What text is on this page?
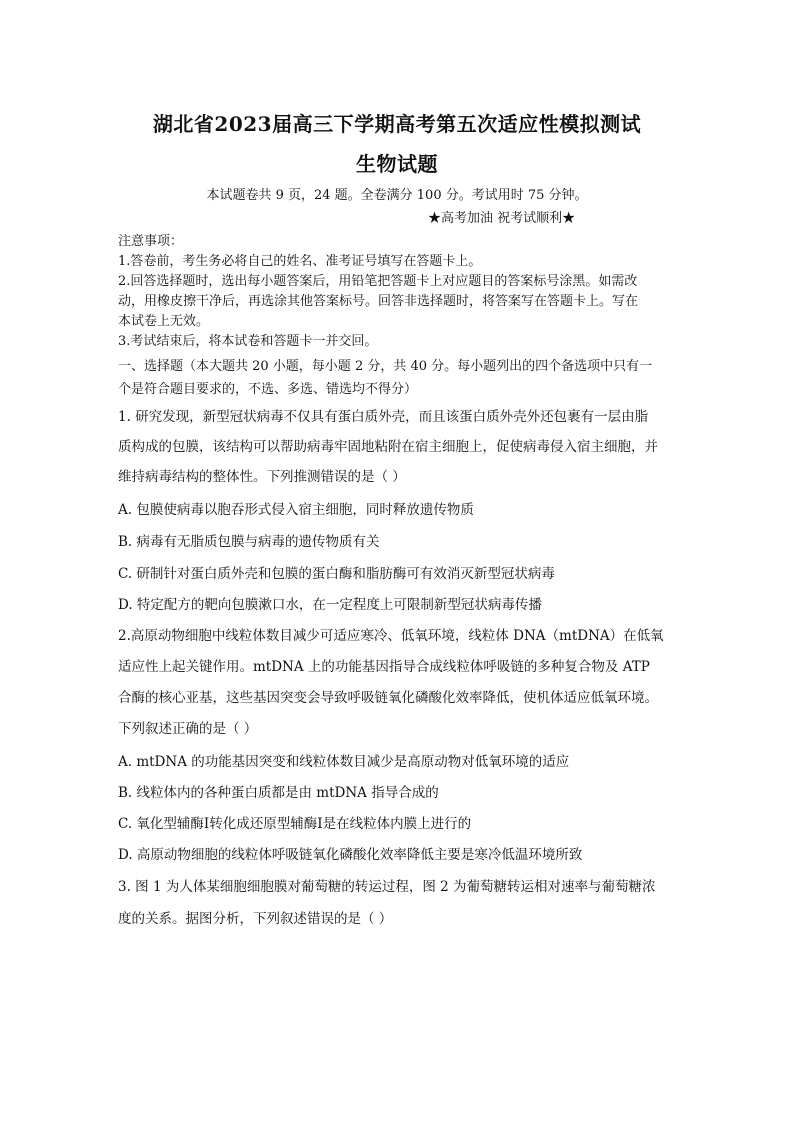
湖北省2023届高三下学期高考第五次适应性模拟测试
生物试题
本试题卷共 9 页，24 题。全卷满分 100 分。考试用时 75 分钟。
★高考加油 祝考试顺利★
注意事项：
1.答卷前，考生务必将自己的姓名、准考证号填写在答题卡上。
2.回答选择题时，选出每小题答案后，用铅笔把答题卡上对应题目的答案标号涂黑。如需改
动，用橡皮擦干净后，再选涂其他答案标号。回答非选择题时，将答案写在答题卡上。写在
本试卷上无效。
3.考试结束后，将本试卷和答题卡一并交回。
一、选择题（本大题共 20 小题，每小题 2 分，共 40 分。每小题列出的四个备选项中只有一
个是符合题目要求的，不选、多选、错选均不得分）
1. 研究发现，新型冠状病毒不仅具有蛋白质外壳，而且该蛋白质外壳外还包裹有一层由脂
质构成的包膜，该结构可以帮助病毒牢固地粘附在宿主细胞上，促使病毒侵入宿主细胞，并
维持病毒结构的整体性。下列推测错误的是（ ）
A. 包膜使病毒以胞吞形式侵入宿主细胞，同时释放遗传物质
B. 病毒有无脂质包膜与病毒的遗传物质有关
C. 研制针对蛋白质外壳和包膜的蛋白酶和脂肪酶可有效消灭新型冠状病毒
D. 特定配方的靶向包膜漱口水，在一定程度上可限制新型冠状病毒传播
2.高原动物细胞中线粒体数目减少可适应寒冷、低氧环境，线粒体 DNA（mtDNA）在低氧
适应性上起关键作用。mtDNA 上的功能基因指导合成线粒体呼吸链的多种复合物及 ATP
合酶的核心亚基，这些基因突变会导致呼吸链氧化磷酸化效率降低，使机体适应低氧环境。
下列叙述正确的是（ ）
A. mtDNA 的功能基因突变和线粒体数目减少是高原动物对低氧环境的适应
B. 线粒体内的各种蛋白质都是由 mtDNA 指导合成的
C. 氧化型辅酶Ⅰ转化成还原型辅酶Ⅰ是在线粒体内膜上进行的
D. 高原动物细胞的线粒体呼吸链氧化磷酸化效率降低主要是寒冷低温环境所致
3. 图 1 为人体某细胞细胞膜对葡萄糖的转运过程，图 2 为葡萄糖转运相对速率与葡萄糖浓
度的关系。据图分析，下列叙述错误的是（ ）
